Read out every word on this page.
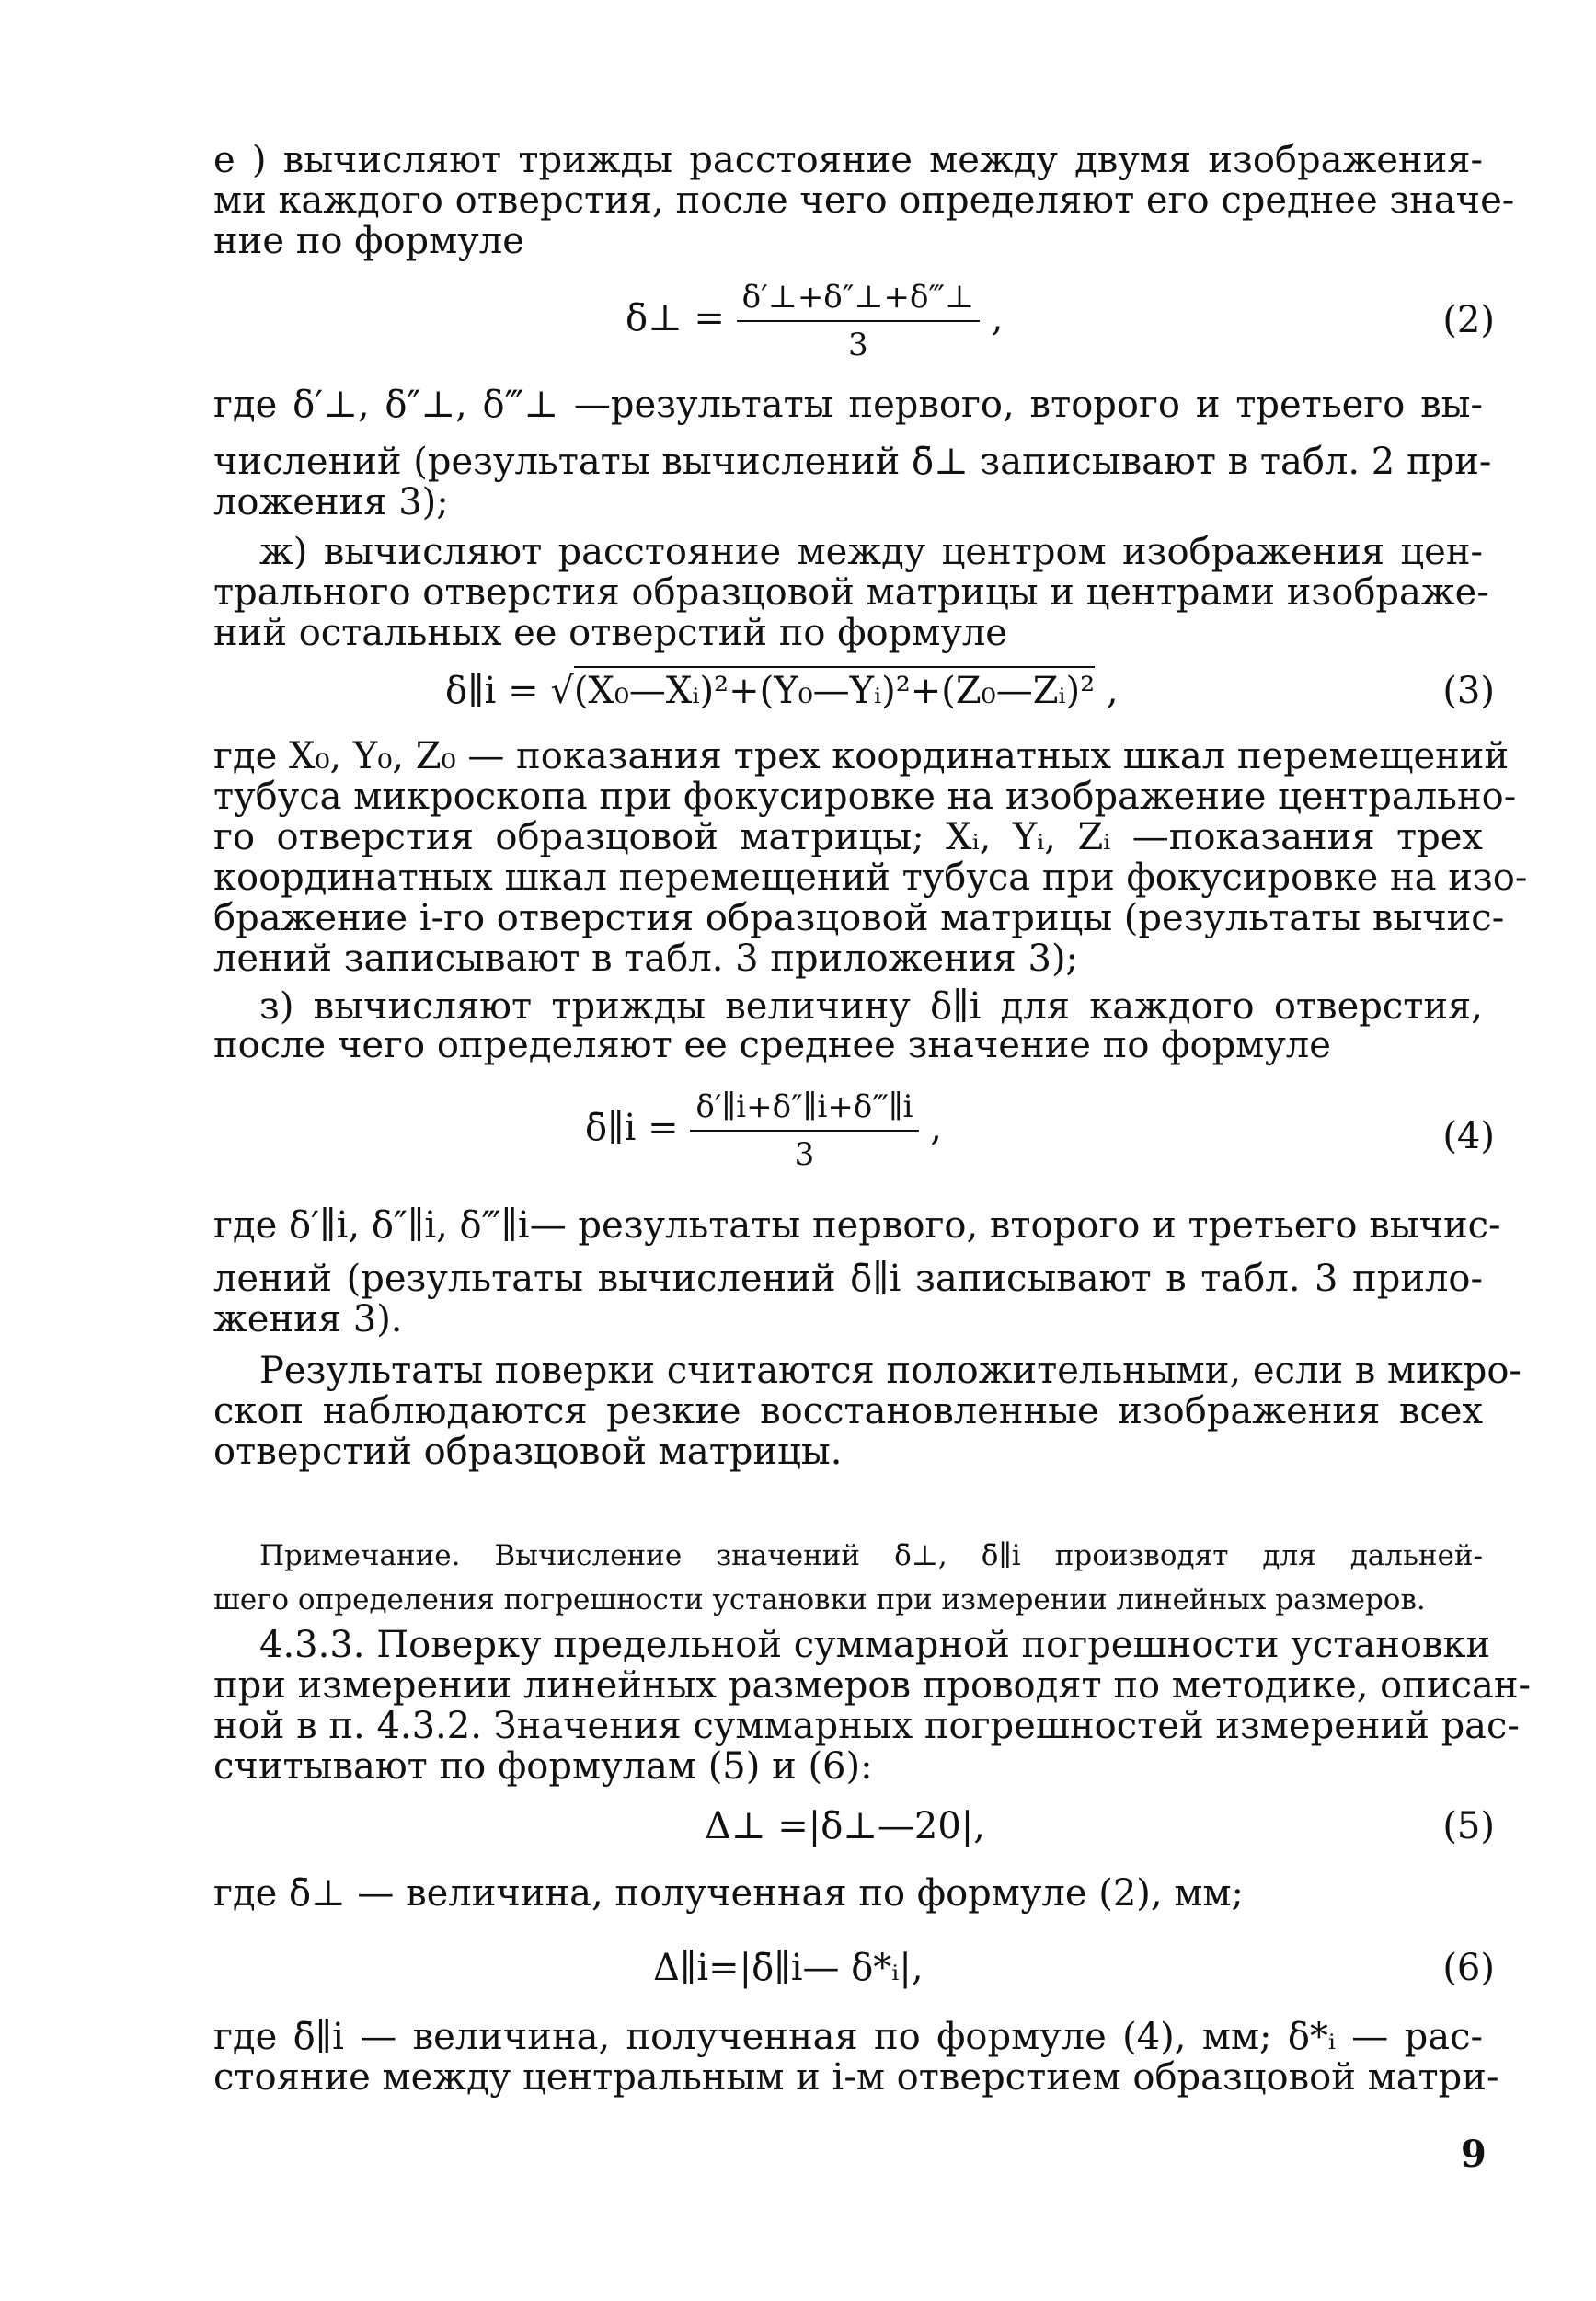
е ) вычисляют трижды расстояние между двумя изображения-

ми каждого отверстия, после чего определяют его среднее значе-

ние по формуле

δ̄⊥ = $\frac{\delta'\perp+\delta''\perp+\delta‴\perp}{3}$ ,	(2)

где δ′⊥, δ″⊥, δ‴⊥ —результаты первого, второго и третьего вы-

числений (результаты вычислений δ̄⊥ записывают в табл. 2 при-

ложения 3);

ж) вычисляют расстояние между центром изображения цен-

трального отверстия образцовой матрицы и центрами изображе-

ний остальных ее отверстий по формуле

δ∥i = √(X₀—Xᵢ)²+(Y₀—Yᵢ)²+(Z₀—Zᵢ)² ,	(3)

где X₀, Y₀, Z₀ — показания трех координатных шкал перемещений

тубуса микроскопа при фокусировке на изображение центрально-

го отверстия образцовой матрицы; Xᵢ, Yᵢ, Zᵢ —показания трех

координатных шкал перемещений тубуса при фокусировке на изо-

бражение i-го отверстия образцовой матрицы (результаты вычис-

лений записывают в табл. 3 приложения 3);

з) вычисляют трижды величину δ∥i для каждого отверстия,

после чего определяют ее среднее значение по формуле

δ̄∥i = $\frac{\delta'\parallel i+\delta''\parallel i+\delta‴\parallel i}{3}$ ,	(4)

где δ′∥i, δ″∥i, δ‴∥i— результаты первого, второго и третьего вычис-

лений (результаты вычислений δ̄∥i записывают в табл. 3 прило-

жения 3).

Результаты поверки считаются положительными, если в микро-

скоп наблюдаются резкие восстановленные изображения всех

отверстий образцовой матрицы.

Примечание. Вычисление значений δ̄⊥, δ̄∥i производят для дальней-

шего определения погрешности установки при измерении линейных размеров.

4.3.3. Поверку предельной суммарной погрешности установки

при измерении линейных размеров проводят по методике, описан-

ной в п. 4.3.2. Значения суммарных погрешностей измерений рас-

считывают по формулам (5) и (6):

Δ⊥ =|δ̄⊥—20|,	(5)

где δ̄⊥ — величина, полученная по формуле (2), мм;

Δ∥i=|δ̄∥i— δ*ᵢ|,	(6)

где δ̄∥i — величина, полученная по формуле (4), мм; δ*ᵢ — рас-

стояние между центральным и i-м отверстием образцовой матри-

9
